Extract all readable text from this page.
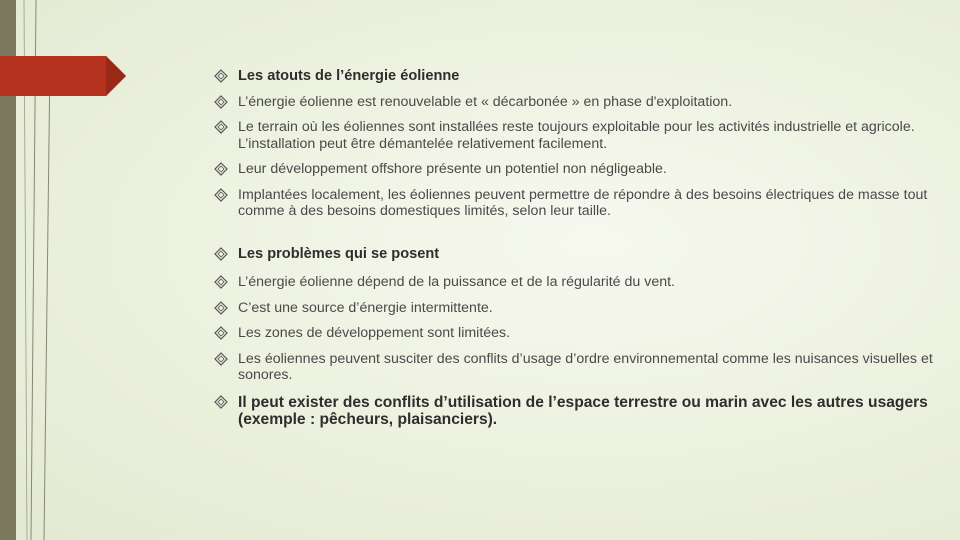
Les atouts de l’énergie éolienne
L’énergie éolienne est renouvelable et « décarbonée » en phase d'exploitation.
Le terrain où les éoliennes sont installées reste toujours exploitable pour les activités industrielle et agricole. L’installation peut être démantelée relativement facilement.
Leur développement offshore présente un potentiel non négligeable.
Implantées localement, les éoliennes peuvent permettre de répondre à des besoins électriques de masse tout comme à des besoins domestiques limités, selon leur taille.
Les problèmes qui se posent
L’énergie éolienne dépend de la puissance et de la régularité du vent.
C’est une source d’énergie intermittente.
Les zones de développement sont limitées.
Les éoliennes peuvent susciter des conflits d’usage d’ordre environnemental comme les nuisances visuelles et sonores.
Il peut exister des conflits d’utilisation de l’espace terrestre ou marin avec les autres usagers (exemple : pêcheurs, plaisanciers).
